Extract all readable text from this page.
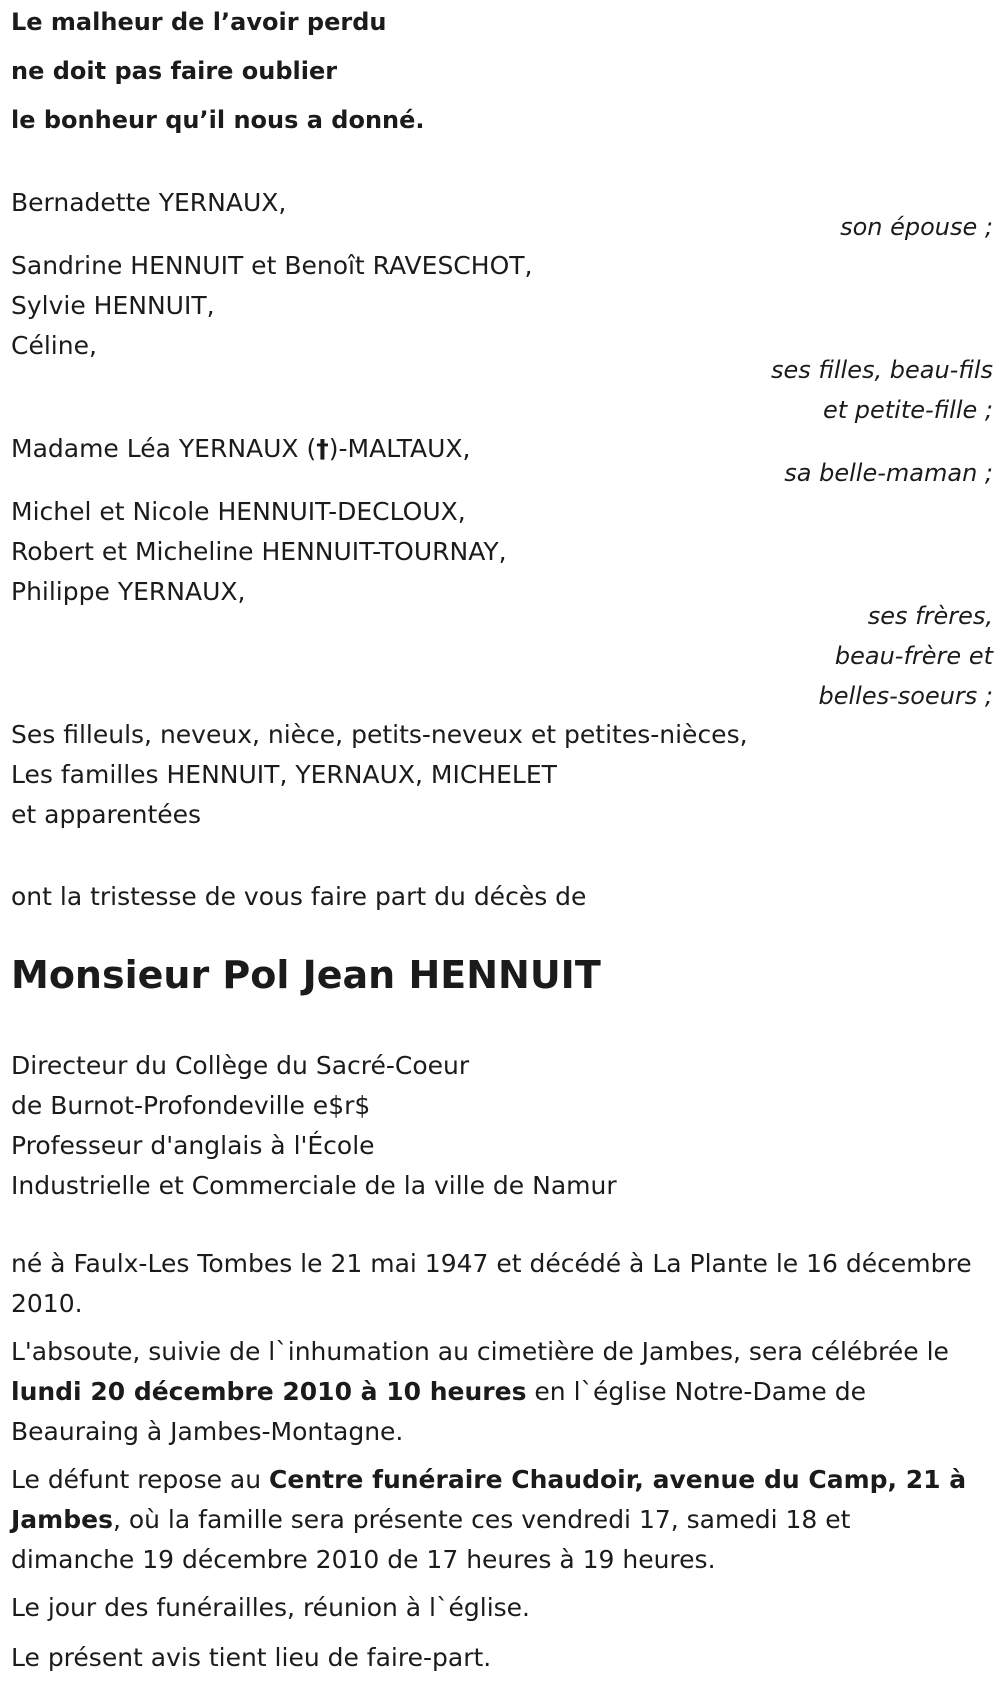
Le malheur de l’avoir perdu
ne doit pas faire oublier
le bonheur qu’il nous a donné.
Bernadette YERNAUX,
son épouse ;
Sandrine HENNUIT et Benoît RAVESCHOT,
Sylvie HENNUIT,
Céline,
ses filles, beau-fils
et petite-fille ;
Madame Léa YERNAUX (†)-MALTAUX,
sa belle-maman ;
Michel et Nicole HENNUIT-DECLOUX,
Robert et Micheline HENNUIT-TOURNAY,
Philippe YERNAUX,
ses frères,
beau-frère et
belles-soeurs ;
Ses filleuls, neveux, nièce, petits-neveux et petites-nièces,
Les familles HENNUIT, YERNAUX, MICHELET
et apparentées
ont la tristesse de vous faire part du décès de
Monsieur Pol Jean HENNUIT
Directeur du Collège du Sacré-Coeur
de Burnot-Profondeville e$r$
Professeur d'anglais à l'École
Industrielle et Commerciale de la ville de Namur
né à Faulx-Les Tombes le 21 mai 1947 et décédé à La Plante le 16 décembre 2010.
L'absoute, suivie de l`inhumation au cimetière de Jambes, sera célébrée le lundi 20 décembre 2010 à 10 heures en l`église Notre-Dame de Beauraing à Jambes-Montagne.
Le défunt repose au Centre funéraire Chaudoir, avenue du Camp, 21 à Jambes, où la famille sera présente ces vendredi 17, samedi 18 et dimanche 19 décembre 2010 de 17 heures à 19 heures.
Le jour des funérailles, réunion à l`église.
Le présent avis tient lieu de faire-part.
